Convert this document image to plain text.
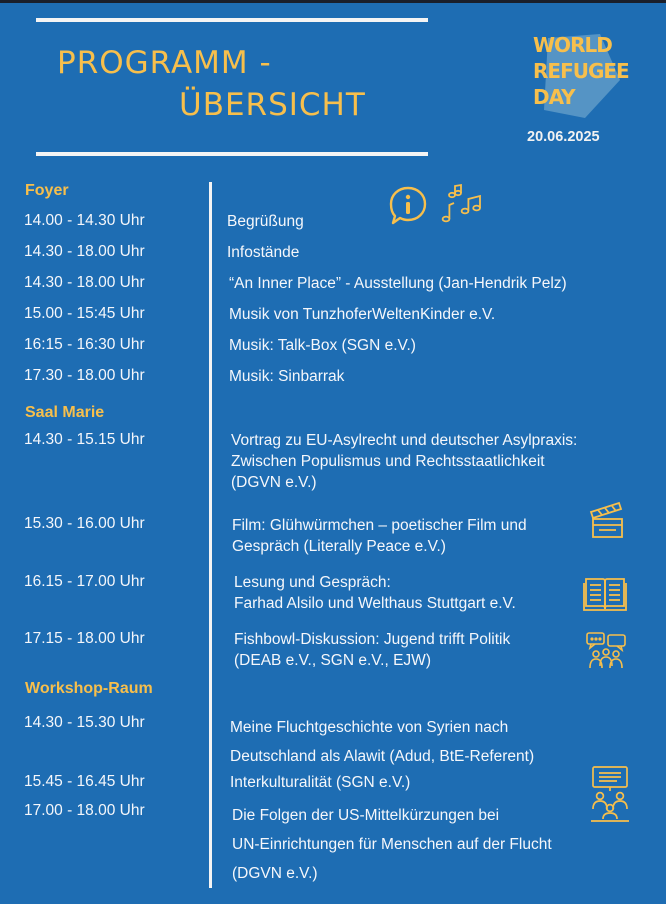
PROGRAMM -
ÜBERSICHT
WORLD
REFUGEE
DAY
20.06.2025
Foyer
14.00 - 14.30 Uhr	Begrüßung
14.30 - 18.00 Uhr	Infostände
14.30 - 18.00 Uhr	“An Inner Place” - Ausstellung (Jan-Hendrik Pelz)
15.00 - 15:45 Uhr	Musik von TunzhoferWeltenKinder e.V.
16:15 - 16:30 Uhr	Musik: Talk-Box (SGN e.V.)
17.30 - 18.00 Uhr	Musik: Sinbarrak
Saal Marie
14.30 - 15.15 Uhr	Vortrag zu EU-Asylrecht und deutscher Asylpraxis:
Zwischen Populismus und Rechtsstaatlichkeit
(DGVN e.V.)
15.30 - 16.00 Uhr	Film: Glühwürmchen – poetischer Film und
Gespräch (Literally Peace e.V.)
16.15 - 17.00 Uhr	Lesung und Gespräch:
Farhad Alsilo und Welthaus Stuttgart e.V.
17.15 - 18.00 Uhr	Fishbowl-Diskussion: Jugend trifft Politik
(DEAB e.V., SGN e.V., EJW)
Workshop-Raum
14.30 - 15.30 Uhr	Meine Fluchtgeschichte von Syrien nach
Deutschland als Alawit (Adud, BtE-Referent)
15.45 - 16.45 Uhr	Interkulturalität (SGN e.V.)
17.00 - 18.00 Uhr	Die Folgen der US-Mittelkürzungen bei
UN-Einrichtungen für Menschen auf der Flucht
(DGVN e.V.)
